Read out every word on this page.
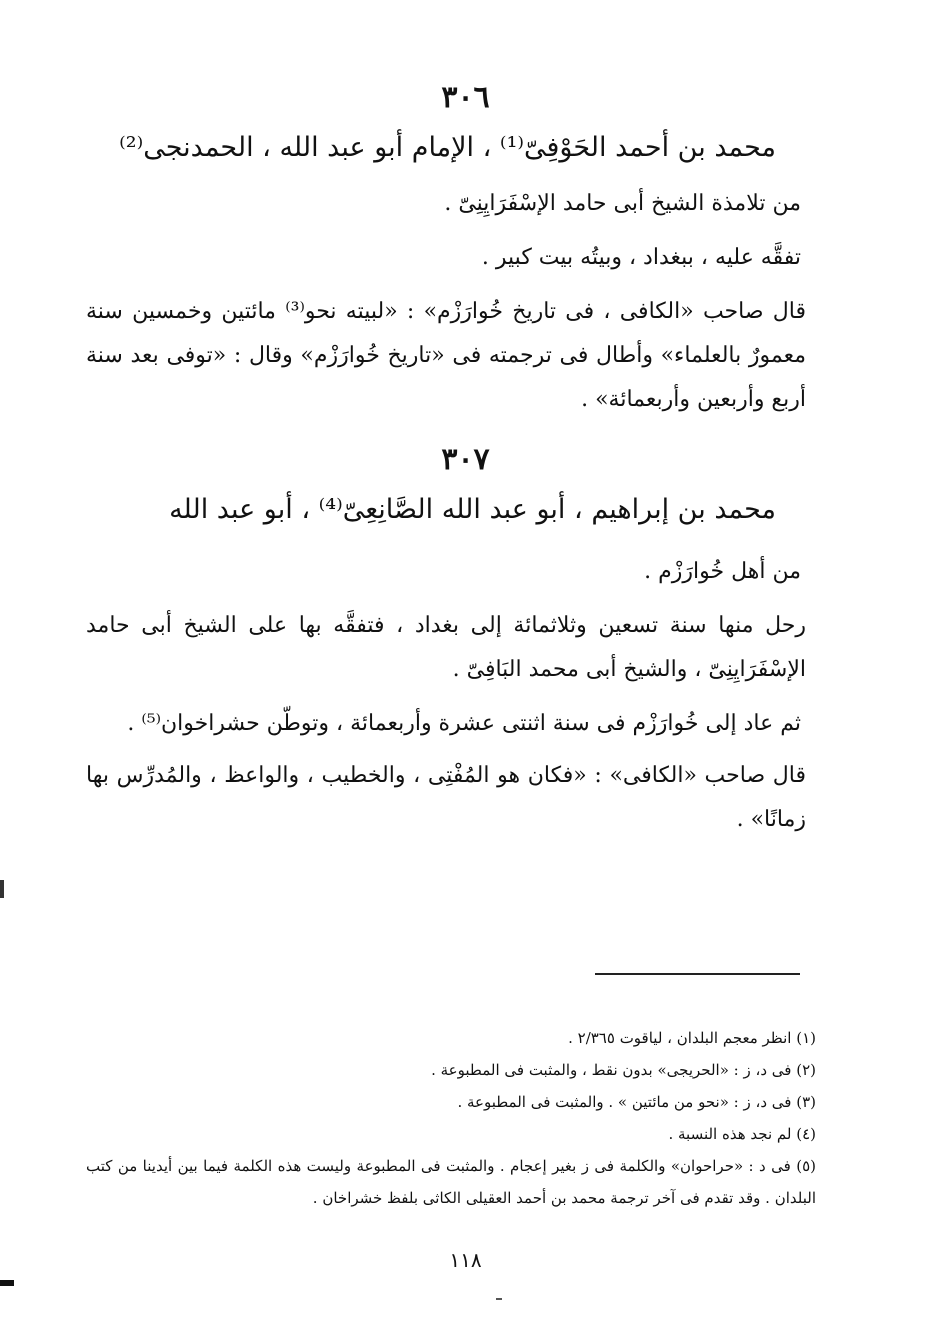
٣٠٦
محمد بن أحمد الحَوْفِىّ⁽¹⁾ ، الإمام أبو عبد الله ، الحمدنجى⁽²⁾
من تلامذة الشيخ أبى حامد الإسْفَرَايِنِىّ .
تفقَّه عليه ، ببغداد ، وبيتُه بيت كبير .
قال صاحب «الكافى ، فى تاريخ خُوارَزْم» : «لبيته نحو⁽³⁾ مائتين وخمسين سنة معمورٌ بالعلماء» وأطال فى ترجمته فى «تاريخ خُوارَزْم» وقال : «توفى بعد سنة أربع وأربعين وأربعمائة» .
٣٠٧
محمد بن إبراهيم ، أبو عبد الله الصَّانِعِىّ⁽⁴⁾ ، أبو عبد الله
من أهل خُوارَزْم .
رحل منها سنة تسعين وثلاثمائة إلى بغداد ، فتفقَّه بها على الشيخ أبى حامد الإسْفَرَايِنِىّ ، والشيخ أبى محمد البَافِىّ .
ثم عاد إلى خُوارَزْم فى سنة اثنتى عشرة وأربعمائة ، وتوطّن حشراخوان⁽⁵⁾ .
قال صاحب «الكافى» : «فكان هو المُفْتِى ، والخطيب ، والواعظ ، والمُدرِّس بها زمانًا» .
(١) انظر معجم البلدان ، لياقوت ٢/٣٦٥ .
(٢) فى د، ز : «الحريجى» بدون نقط ، والمثبت فى المطبوعة .
(٣) فى د، ز : «نحو من مائتين » . والمثبت فى المطبوعة .
(٤) لم نجد هذه النسبة .
(٥) فى د : «حراحوان» والكلمة فى ز بغير إعجام . والمثبت فى المطبوعة وليست هذه الكلمة فيما بين أيدينا من كتب البلدان . وقد تقدم فى آخر ترجمة محمد بن أحمد العقيلى الكاثى بلفظ خشراخان .
١١٨
